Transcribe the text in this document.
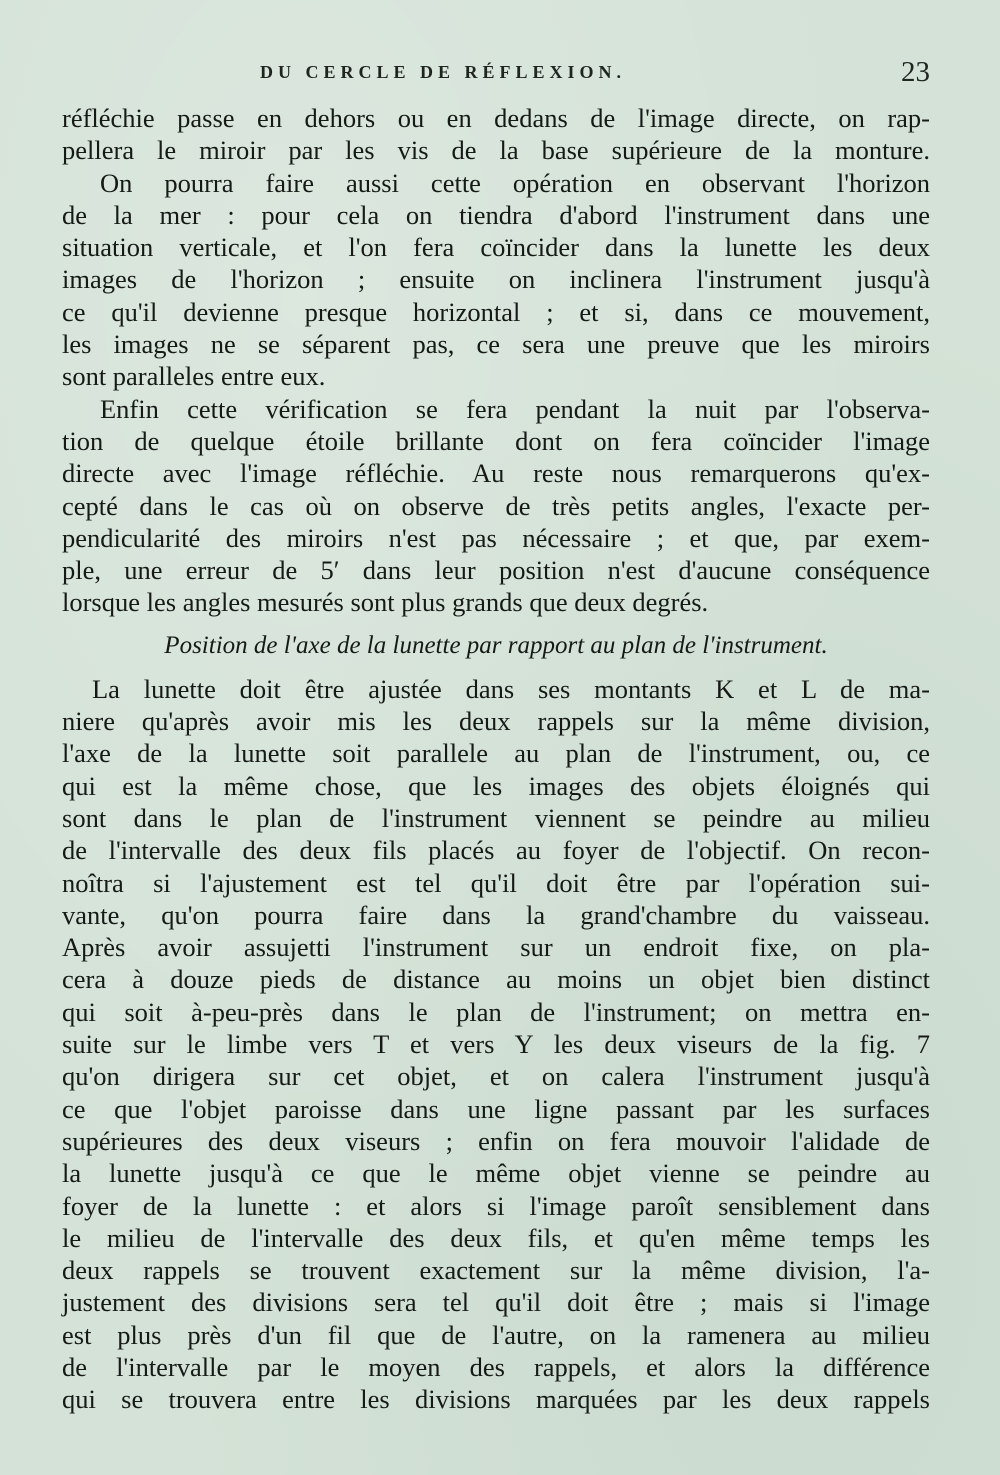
DU CERCLE DE RÉFLEXION.	23
réfléchie passe en dehors ou en dedans de l'image directe, on rap-
pellera le miroir par les vis de la base supérieure de la monture.
On pourra faire aussi cette opération en observant l'horizon
de la mer : pour cela on tiendra d'abord l'instrument dans une
situation verticale, et l'on fera coïncider dans la lunette les deux
images de l'horizon ; ensuite on inclinera l'instrument jusqu'à
ce qu'il devienne presque horizontal ; et si, dans ce mouvement,
les images ne se séparent pas, ce sera une preuve que les miroirs
sont paralleles entre eux.
Enfin cette vérification se fera pendant la nuit par l'observa-
tion de quelque étoile brillante dont on fera coïncider l'image
directe avec l'image réfléchie. Au reste nous remarquerons qu'ex-
cepté dans le cas où on observe de très petits angles, l'exacte per-
pendicularité des miroirs n'est pas nécessaire ; et que, par exem-
ple, une erreur de 5′ dans leur position n'est d'aucune conséquence
lorsque les angles mesurés sont plus grands que deux degrés.
Position de l'axe de la lunette par rapport au plan de l'instrument.
La lunette doit être ajustée dans ses montants K et L de ma-
niere qu'après avoir mis les deux rappels sur la même division,
l'axe de la lunette soit parallele au plan de l'instrument, ou, ce
qui est la même chose, que les images des objets éloignés qui
sont dans le plan de l'instrument viennent se peindre au milieu
de l'intervalle des deux fils placés au foyer de l'objectif. On recon-
noîtra si l'ajustement est tel qu'il doit être par l'opération sui-
vante, qu'on pourra faire dans la grand'chambre du vaisseau.
Après avoir assujetti l'instrument sur un endroit fixe, on pla-
cera à douze pieds de distance au moins un objet bien distinct
qui soit à-peu-près dans le plan de l'instrument; on mettra en-
suite sur le limbe vers T et vers Y les deux viseurs de la fig. 7
qu'on dirigera sur cet objet, et on calera l'instrument jusqu'à
ce que l'objet paroisse dans une ligne passant par les surfaces
supérieures des deux viseurs ; enfin on fera mouvoir l'alidade de
la lunette jusqu'à ce que le même objet vienne se peindre au
foyer de la lunette : et alors si l'image paroît sensiblement dans
le milieu de l'intervalle des deux fils, et qu'en même temps les
deux rappels se trouvent exactement sur la même division, l'a-
justement des divisions sera tel qu'il doit être ; mais si l'image
est plus près d'un fil que de l'autre, on la ramenera au milieu
de l'intervalle par le moyen des rappels, et alors la différence
qui se trouvera entre les divisions marquées par les deux rappels
